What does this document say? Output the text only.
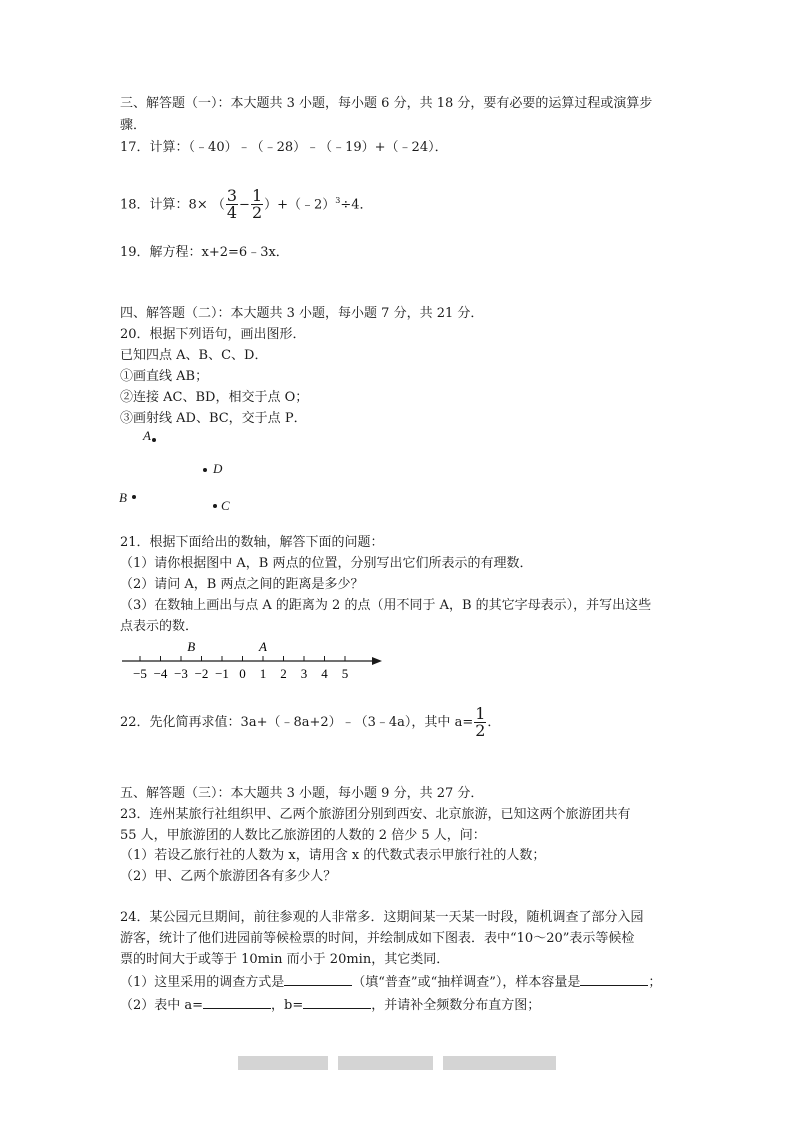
三、解答题（一）：本大题共 3 小题，每小题 6 分，共 18 分，要有必要的运算过程或演算步
骤．
17．计算：（﹣40）﹣（﹣28）﹣（﹣19）+（﹣24）．
18．计算：8× （ $\frac{3}{4} - \frac{1}{2}$ ）+（﹣2）$^3$÷4．
19．解方程：x+2=6﹣3x．
四、解答题（二）：本大题共 3 小题，每小题 7 分，共 21 分．
20．根据下列语句，画出图形．
已知四点 A、B、C、D．
①画直线 AB；
②连接 AC、BD，相交于点 O；
③画射线 AD、BC，交于点 P．
A
D
B
C
21．根据下面给出的数轴，解答下面的问题：
（1）请你根据图中 A，B 两点的位置，分别写出它们所表示的有理数．
（2）请问 A，B 两点之间的距离是多少？
（3）在数轴上画出与点 A 的距离为 2 的点（用不同于 A，B 的其它字母表示），并写出这些
点表示的数．
−5 −4 −3 −2 −1 0 1 2 3 4 5
B	A
22．先化简再求值：3a+（﹣8a+2）﹣（3﹣4a），其中 $a= \frac{1}{2}$ ．
五、解答题（三）：本大题共 3 小题，每小题 9 分，共 27 分．
23．连州某旅行社组织甲、乙两个旅游团分别到西安、北京旅游，已知这两个旅游团共有
55 人，甲旅游团的人数比乙旅游团的人数的 2 倍少 5 人，问：
（1）若设乙旅行社的人数为 x，请用含 x 的代数式表示甲旅行社的人数；
（2）甲、乙两个旅游团各有多少人？
24．某公园元旦期间，前往参观的人非常多．这期间某一天某一时段，随机调查了部分入园
游客，统计了他们进园前等候检票的时间，并绘制成如下图表．表中“10～20”表示等候检
票的时间大于或等于 10min 而小于 20min，其它类同．
（1）这里采用的调查方式是	（填“普查”或“抽样调查”），样本容量是	；
（2）表中 a=	，b=	，并请补全频数分布直方图；
